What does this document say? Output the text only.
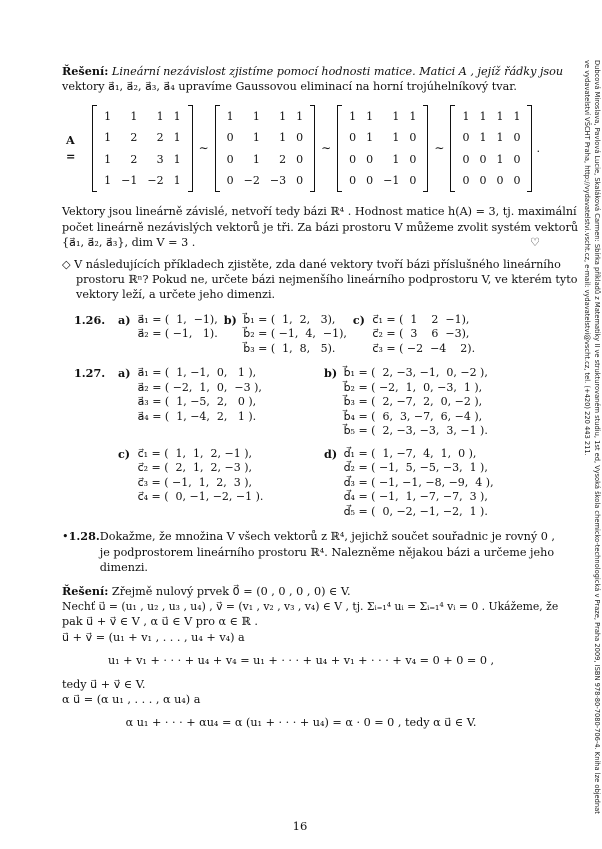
Dubcová Miroslava, Pavlová Lucie, Skaláková Carmen: Sbírka příkladů z Matematiky II ve strukturovaném studiu, 1st ed, Vysoká škola chemicko-technologická v Praze, Praha 2009, ISBN 978-80-7080-706-4. Kniha lze objednat ve vydavatelství VŠCHT Praha, http://vydavatelstvi.vscht.cz, e-mail: vydavatelstvi@vscht.cz, tel. (+420) 220 443 211.
Řešení: Lineární nezávislost zjistíme pomocí hodnosti matice. Matici A , jejíž řádky jsou
vektory a⃗₁, a⃗₂, a⃗₃, a⃗₄ upravíme Gaussovou eliminací na horní trojúhelníkový tvar.
A =
1	1	1	1
1	2	2	1
1	2	3	1
1	−1	−2	1
∼
1	1	1	1
0	1	1	0
0	1	2	0
0	−2	−3	0
∼
1	1	1	1
0	1	1	0
0	0	1	0
0	0	−1	0
∼
1	1	1	1
0	1	1	0
0	0	1	0
0	0	0	0
.
Vektory jsou lineárně závislé, netvoří tedy bázi ℝ⁴ . Hodnost matice h(A) = 3, tj. maximální
počet lineárně nezávislých vektorů je tři. Za bázi prostoru V můžeme zvolit systém vektorů
{a⃗₁, a⃗₂, a⃗₃}, dim V = 3 .	♡
◇ V následujících příkladech zjistěte, zda dané vektory tvoří bázi příslušného lineárního
prostoru ℝⁿ? Pokud ne, určete bázi nejmenšího lineárního podprostoru V, ve kterém tyto
vektory leží, a určete jeho dimenzi.
1.26.	a) a⃗₁ = (  1,  −1),
a⃗₂ = ( −1,   1).
b) b⃗₁ = (  1,  2,   3),
b⃗₂ = ( −1,  4,  −1),
b⃗₃ = (  1,  8,   5).
c) c⃗₁ = (  1    2  −1),
c⃗₂ = (  3    6  −3),
c⃗₃ = ( −2  −4    2).
1.27.	a) a⃗₁ = (  1, −1,  0,   1 ),
a⃗₂ = ( −2,  1,  0,  −3 ),
a⃗₃ = (  1, −5,  2,   0 ),
a⃗₄ = (  1, −4,  2,   1 ).
b) b⃗₁ = (  2, −3, −1,  0, −2 ),
b⃗₂ = ( −2,  1,  0, −3,  1 ),
b⃗₃ = (  2, −7,  2,  0, −2 ),
b⃗₄ = (  6,  3, −7,  6, −4 ),
b⃗₅ = (  2, −3, −3,  3, −1 ).
c) c⃗₁ = (  1,  1,  2, −1 ),
c⃗₂ = (  2,  1,  2, −3 ),
c⃗₃ = ( −1,  1,  2,  3 ),
c⃗₄ = (  0, −1, −2, −1 ).
d) d⃗₁ = (  1, −7,  4,  1,  0 ),
d⃗₂ = ( −1,  5, −5, −3,  1 ),
d⃗₃ = ( −1, −1, −8, −9,  4 ),
d⃗₄ = ( −1,  1, −7, −7,  3 ),
d⃗₅ = (  0, −2, −1, −2,  1 ).
• 1.28. Dokažme, že množina V všech vektorů z ℝ⁴, jejichž součet souřadnic je rovný 0 ,
je podprostorem lineárního prostoru ℝ⁴. Nalezněme nějakou bázi a určeme jeho
dimenzi.
Řešení: Zřejmě nulový prvek 0⃗ = (0 , 0 , 0 , 0) ∈ V.
Nechť u⃗ = (u₁ , u₂ , u₃ , u₄) , v⃗ = (v₁ , v₂ , v₃ , v₄) ∈ V , tj. Σᵢ₌₁⁴ uᵢ = Σᵢ₌₁⁴ vᵢ = 0 . Ukážeme, že
pak u⃗ + v⃗ ∈ V , α u⃗ ∈ V pro α ∈ ℝ .
u⃗ + v⃗ = (u₁ + v₁ , . . . , u₄ + v₄) a
u₁ + v₁ + · · · + u₄ + v₄ = u₁ + · · · + u₄ + v₁ + · · · + v₄ = 0 + 0 = 0 ,
tedy u⃗ + v⃗ ∈ V.
α u⃗ = (α u₁ , . . . , α u₄) a
α u₁ + · · · + αu₄ = α (u₁ + · · · + u₄) = α · 0 = 0 , tedy α u⃗ ∈ V.
16
